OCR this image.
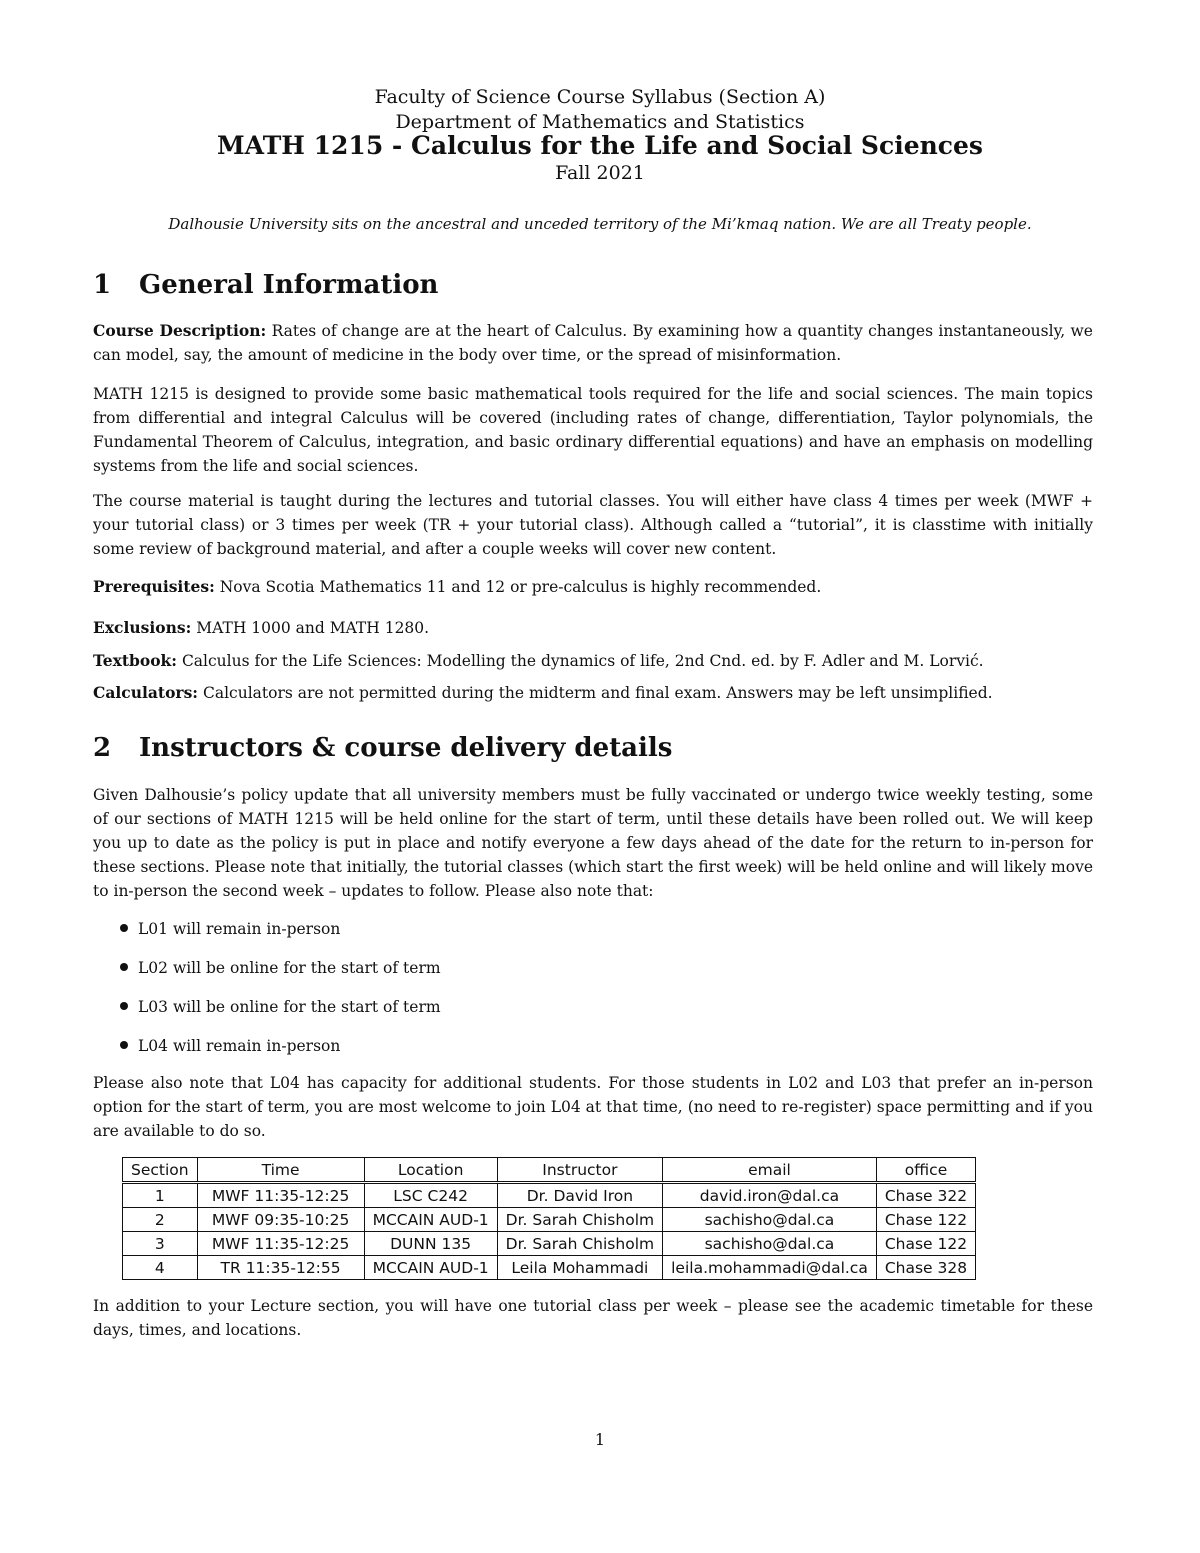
Faculty of Science Course Syllabus (Section A)

Department of Mathematics and Statistics

MATH 1215 - Calculus for the Life and Social Sciences

Fall 2021

Dalhousie University sits on the ancestral and unceded territory of the Mi’kmaq nation. We are all Treaty people.

1 General Information

Course Description: Rates of change are at the heart of Calculus. By examining how a quantity changes instantaneously, we can model, say, the amount of medicine in the body over time, or the spread of misinformation.

MATH 1215 is designed to provide some basic mathematical tools required for the life and social sciences. The main topics from differential and integral Calculus will be covered (including rates of change, differentiation, Taylor polynomials, the Fundamental Theorem of Calculus, integration, and basic ordinary differential equations) and have an emphasis on modelling systems from the life and social sciences.

The course material is taught during the lectures and tutorial classes. You will either have class 4 times per week (MWF + your tutorial class) or 3 times per week (TR + your tutorial class). Although called a “tutorial”, it is classtime with initially some review of background material, and after a couple weeks will cover new content.

Prerequisites: Nova Scotia Mathematics 11 and 12 or pre-calculus is highly recommended.

Exclusions: MATH 1000 and MATH 1280.

Textbook: Calculus for the Life Sciences: Modelling the dynamics of life, 2nd Cnd. ed. by F. Adler and M. Lorvić.

Calculators: Calculators are not permitted during the midterm and final exam. Answers may be left unsimplified.

2 Instructors & course delivery details

Given Dalhousie’s policy update that all university members must be fully vaccinated or undergo twice weekly testing, some of our sections of MATH 1215 will be held online for the start of term, until these details have been rolled out. We will keep you up to date as the policy is put in place and notify everyone a few days ahead of the date for the return to in-person for these sections. Please note that initially, the tutorial classes (which start the first week) will be held online and will likely move to in-person the second week – updates to follow. Please also note that:

L01 will remain in-person
L02 will be online for the start of term
L03 will be online for the start of term
L04 will remain in-person

Please also note that L04 has capacity for additional students. For those students in L02 and L03 that prefer an in-person option for the start of term, you are most welcome to join L04 at that time, (no need to re-register) space permitting and if you are available to do so.

Section	Time	Location	Instructor	email	office
1	MWF 11:35-12:25	LSC C242	Dr. David Iron	david.iron@dal.ca	Chase 322
2	MWF 09:35-10:25	MCCAIN AUD-1	Dr. Sarah Chisholm	sachisho@dal.ca	Chase 122
3	MWF 11:35-12:25	DUNN 135	Dr. Sarah Chisholm	sachisho@dal.ca	Chase 122
4	TR 11:35-12:55	MCCAIN AUD-1	Leila Mohammadi	leila.mohammadi@dal.ca	Chase 328

In addition to your Lecture section, you will have one tutorial class per week – please see the academic timetable for these days, times, and locations.

1
